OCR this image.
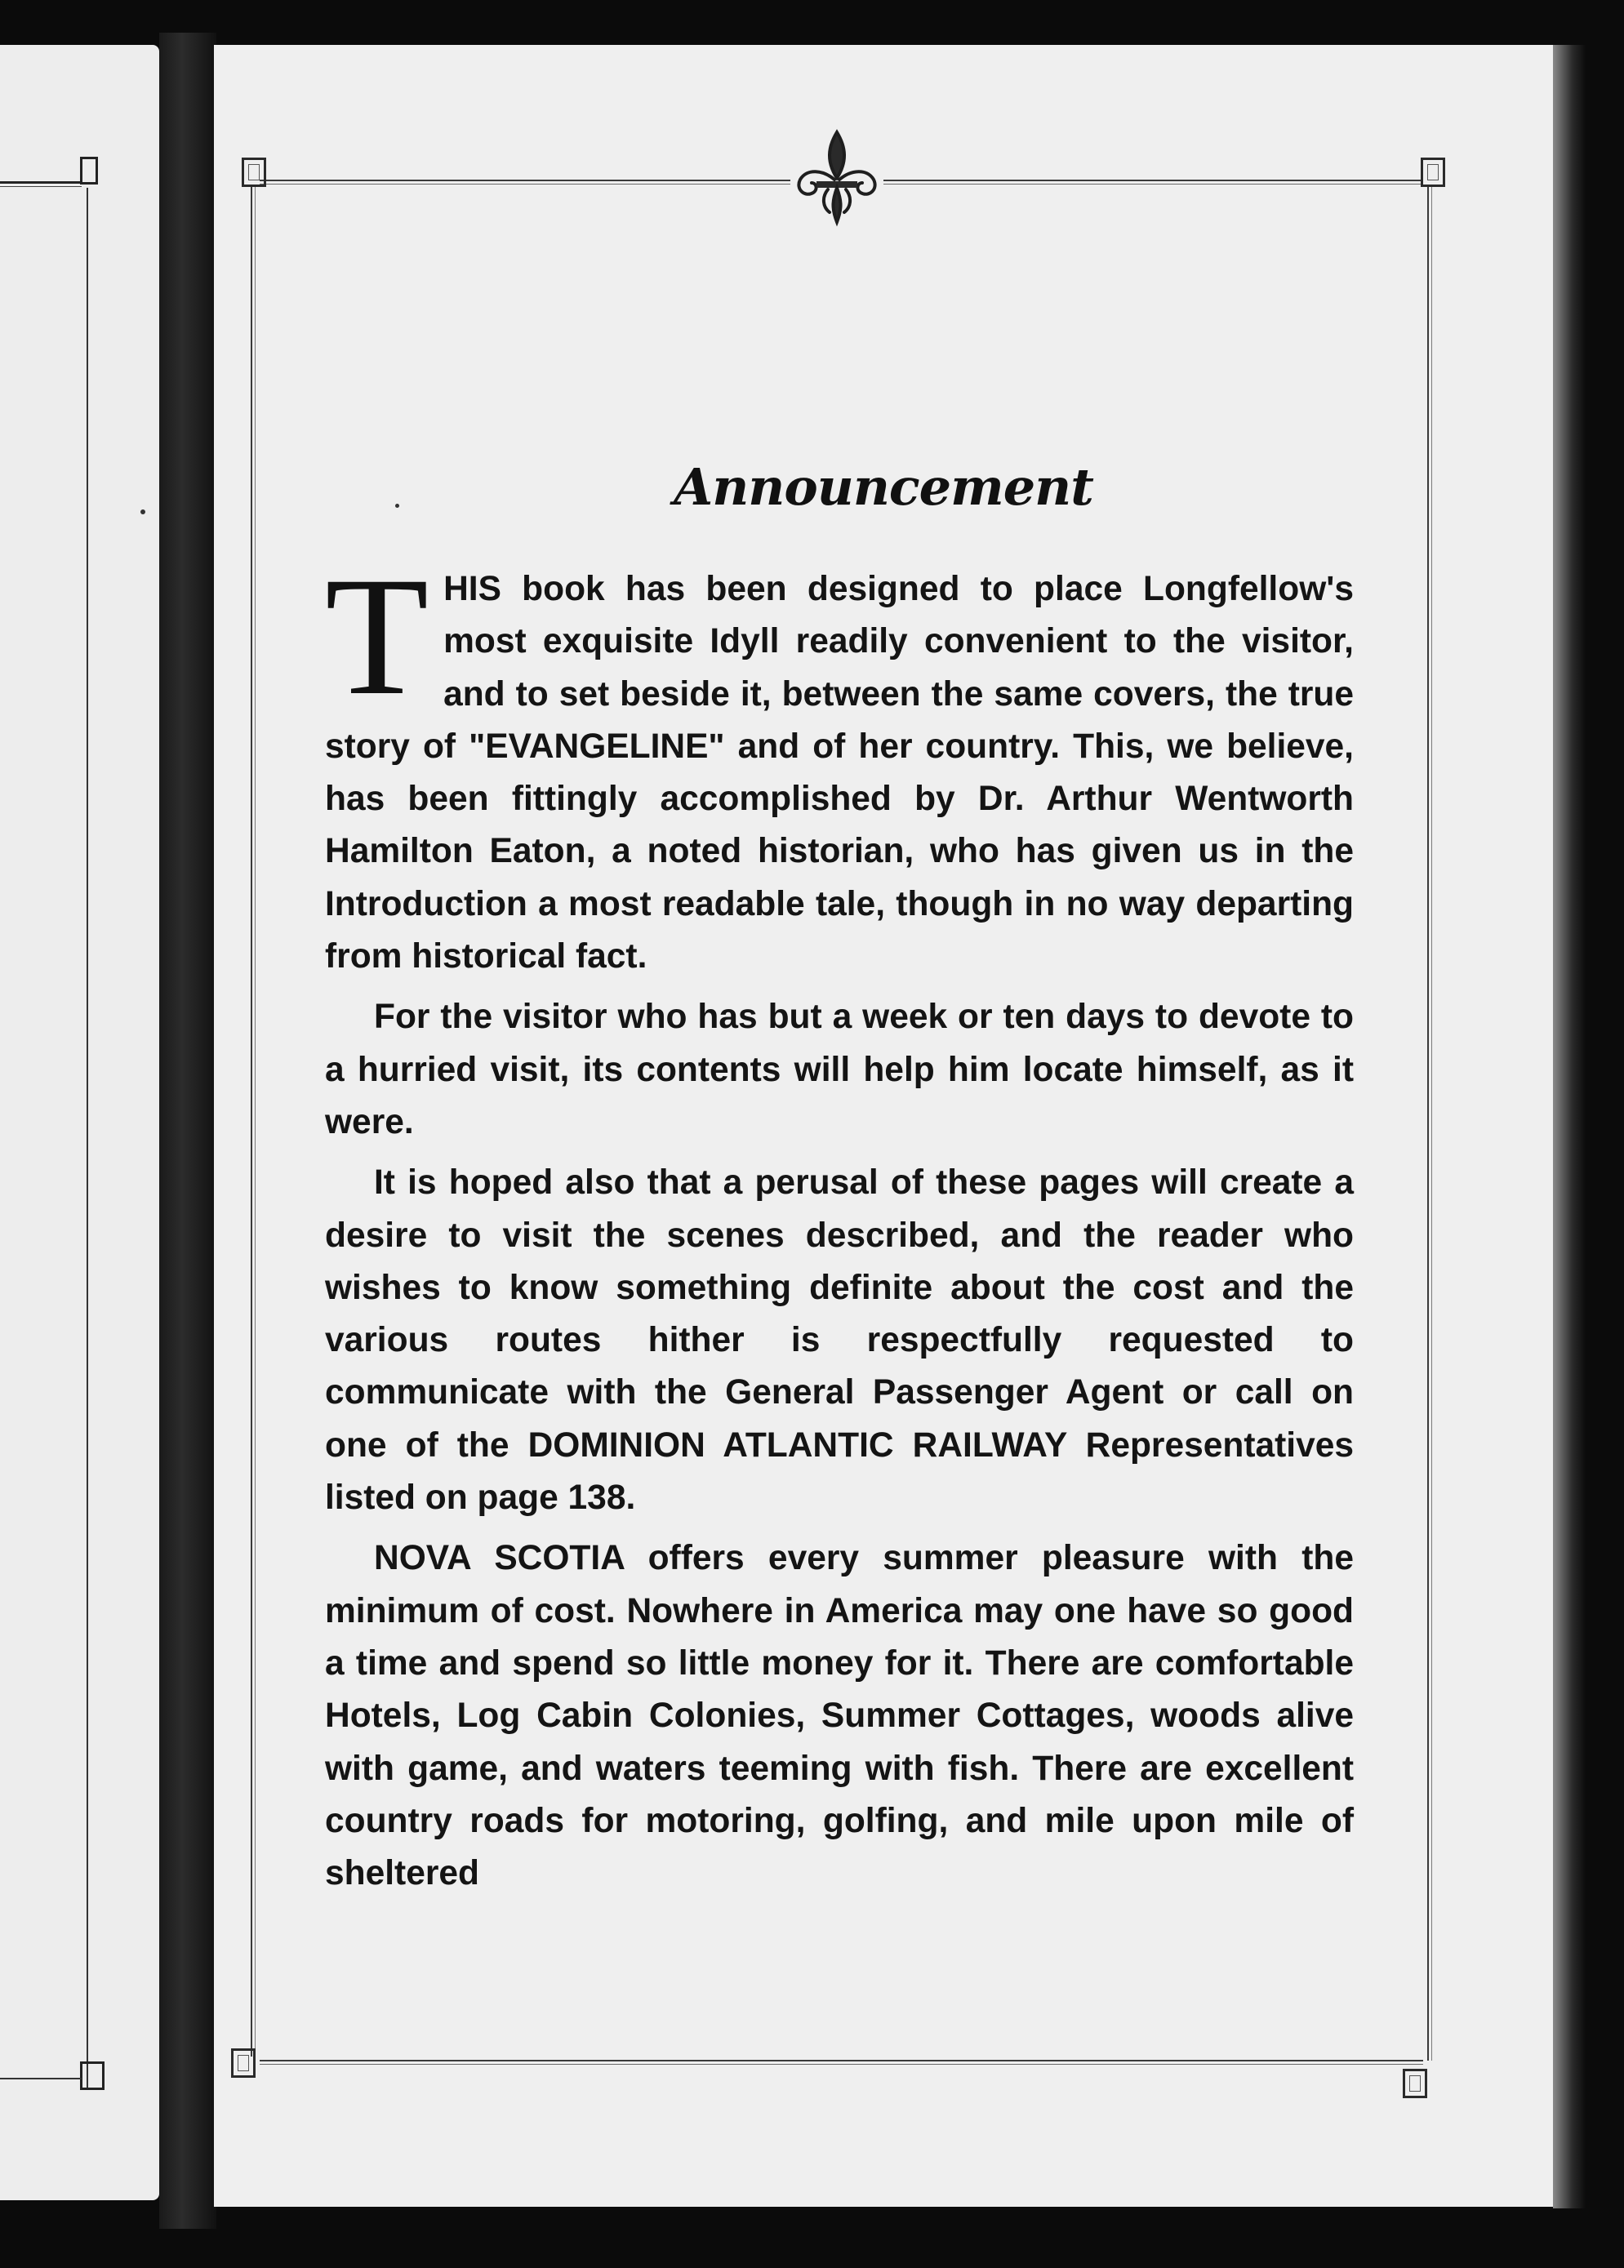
Announcement

THIS book has been designed to place Longfellow's most exquisite Idyll readily convenient to the visitor, and to set beside it, between the same covers, the true story of "EVANGELINE" and of her country. This, we believe, has been fittingly accomplished by Dr. Arthur Wentworth Hamilton Eaton, a noted historian, who has given us in the Introduction a most readable tale, though in no way departing from historical fact.

For the visitor who has but a week or ten days to devote to a hurried visit, its contents will help him locate himself, as it were.

It is hoped also that a perusal of these pages will create a desire to visit the scenes described, and the reader who wishes to know something definite about the cost and the various routes hither is respectfully requested to communicate with the General Passenger Agent or call on one of the DOMINION ATLANTIC RAILWAY Representatives listed on page 138.

NOVA SCOTIA offers every summer pleasure with the minimum of cost. Nowhere in America may one have so good a time and spend so little money for it. There are comfortable Hotels, Log Cabin Colonies, Summer Cottages, woods alive with game, and waters teeming with fish. There are excellent country roads for motoring, golfing, and mile upon mile of sheltered
